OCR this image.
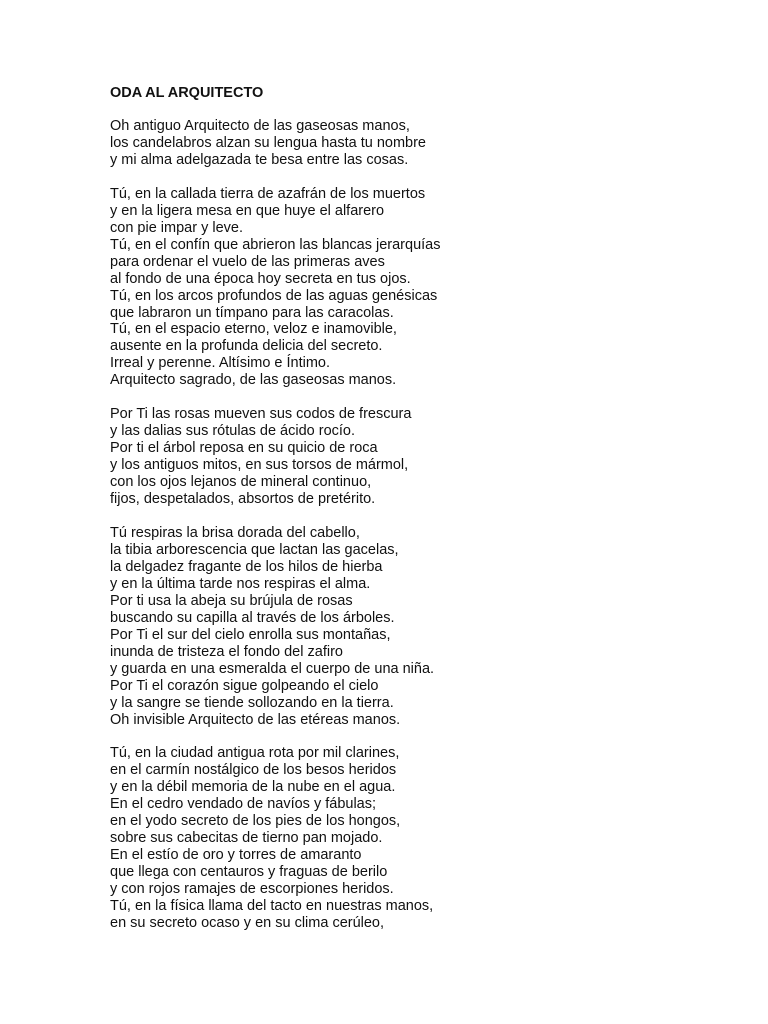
ODA AL ARQUITECTO
Oh antiguo Arquitecto de las gaseosas manos,
los candelabros alzan su lengua hasta tu nombre
y mi alma adelgazada te besa entre las cosas.
Tú, en la callada tierra de azafrán de los muertos
y en la ligera mesa en que huye el alfarero
con pie impar y leve.
Tú, en el confín que abrieron las blancas jerarquías
para ordenar el vuelo de las primeras aves
al fondo de una época hoy secreta en tus ojos.
Tú, en los arcos profundos de las aguas genésicas
que labraron un tímpano para las caracolas.
Tú, en el espacio eterno, veloz e inamovible,
ausente en la profunda delicia del secreto.
Irreal y perenne. Altísimo e Íntimo.
Arquitecto sagrado, de las gaseosas manos.
Por Ti las rosas mueven sus codos de frescura
y las dalias sus rótulas de ácido rocío.
Por ti el árbol reposa en su quicio de roca
y los antiguos mitos, en sus torsos de mármol,
con los ojos lejanos de mineral continuo,
fijos, despetalados, absortos de pretérito.
Tú respiras la brisa dorada del cabello,
la tibia arborescencia que lactan las gacelas,
la delgadez fragante de los hilos de hierba
y en la última tarde nos respiras el alma.
Por ti usa la abeja su brújula de rosas
buscando su capilla al través de los árboles.
Por Ti el sur del cielo enrolla sus montañas,
inunda de tristeza el fondo del zafiro
y guarda en una esmeralda el cuerpo de una niña.
Por Ti el corazón sigue golpeando el cielo
y la sangre se tiende sollozando en la tierra.
Oh invisible Arquitecto de las etéreas manos.
Tú, en la ciudad antigua rota por mil clarines,
en el carmín nostálgico de los besos heridos
y en la débil memoria de la nube en el agua.
En el cedro vendado de navíos y fábulas;
en el yodo secreto de los pies de los hongos,
sobre sus cabecitas de tierno pan mojado.
En el estío de oro y torres de amaranto
que llega con centauros y fraguas de berilo
y con rojos ramajes de escorpiones heridos.
Tú, en la física llama del tacto en nuestras manos,
en su secreto ocaso y en su clima cerúleo,
